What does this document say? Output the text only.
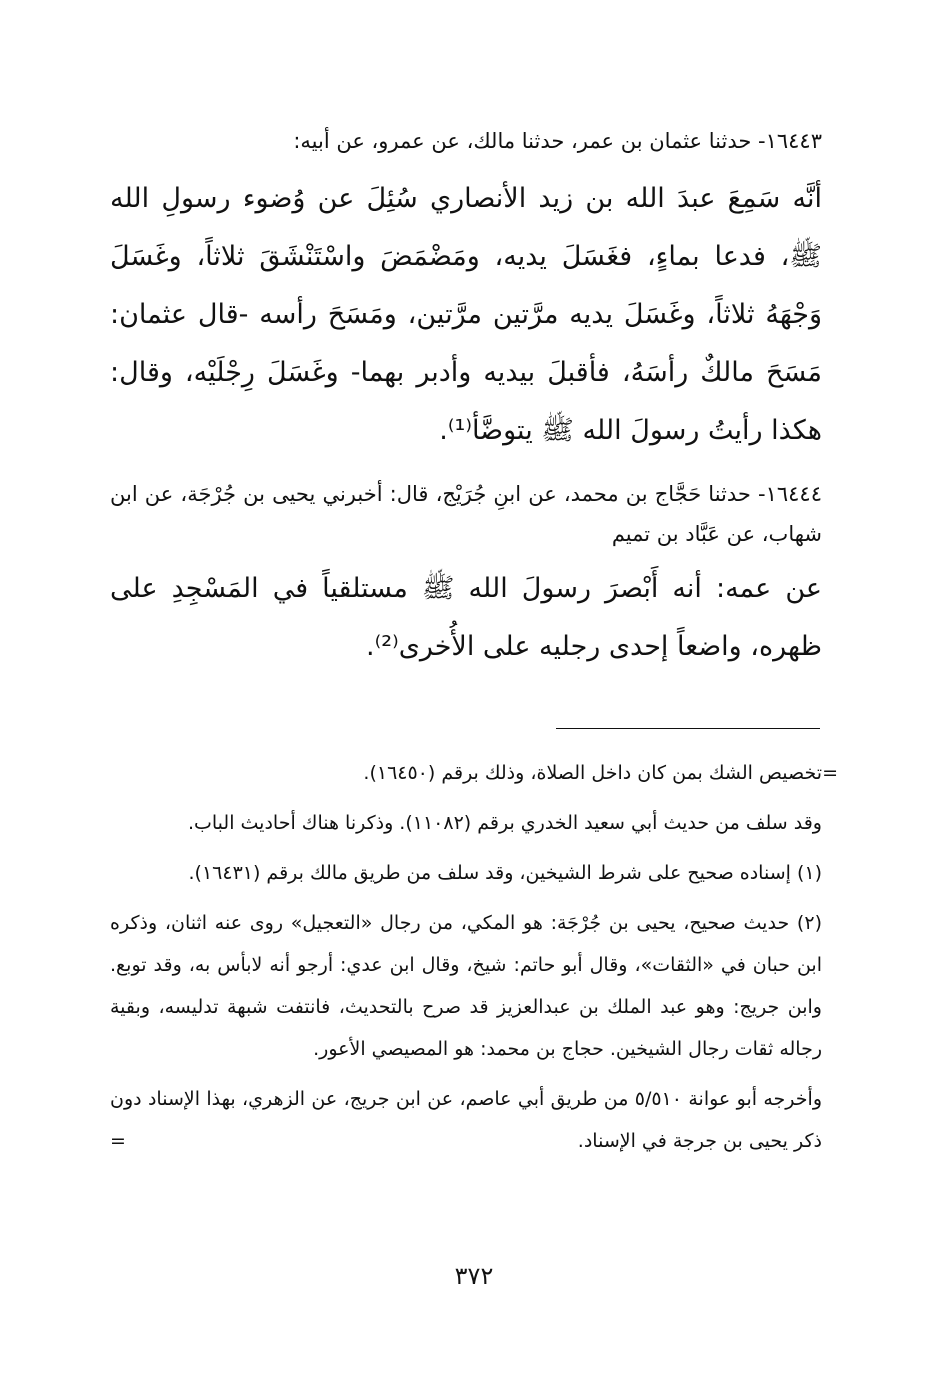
١٦٤٤٣- حدثنا عثمان بن عمر، حدثنا مالك، عن عمرو، عن أبيه:

أنَّه سَمِعَ عبدَ الله بن زيد الأنصاري سُئِلَ عن وُضوء رسولِ الله ﷺ، فدعا بماءٍ، فغَسَلَ يديه، ومَضْمَضَ واسْتَنْشَقَ ثلاثاً، وغَسَلَ وَجْهَهُ ثلاثاً، وغَسَلَ يديه مرَّتين مرَّتين، ومَسَحَ رأسه -قال عثمان: مَسَحَ مالكٌ رأسَهُ، فأقبلَ بيديه وأدبر بهما- وغَسَلَ رِجْلَيْه، وقال: هكذا رأيتُ رسولَ الله ﷺ يتوضَّأ⁽¹⁾.

١٦٤٤٤- حدثنا حَجَّاج بن محمد، عن ابنِ جُرَيْج، قال: أخبرني يحيى بن جُرْجَة، عن ابن شهاب، عن عَبَّاد بن تميم

عن عمه: أنه أَبْصرَ رسولَ الله ﷺ مستلقياً في المَسْجِدِ على ظهره، واضعاً إحدى رجليه على الأُخرى⁽²⁾.

=
تخصيص الشك بمن كان داخل الصلاة، وذلك برقم (١٦٤٥٠).

وقد سلف من حديث أبي سعيد الخدري برقم (١١٠٨٢). وذكرنا هناك أحاديث الباب.

(١) إسناده صحيح على شرط الشيخين، وقد سلف من طريق مالك برقم (١٦٤٣١).

(٢) حديث صحيح، يحيى بن جُرْجَة: هو المكي، من رجال «التعجيل» روى عنه اثنان، وذكره ابن حبان في «الثقات»، وقال أبو حاتم: شيخ، وقال ابن عدي: أرجو أنه لابأس به، وقد توبع. وابن جريج: وهو عبد الملك بن عبدالعزيز قد صرح بالتحديث، فانتفت شبهة تدليسه، وبقية رجاله ثقات رجال الشيخين. حجاج بن محمد: هو المصيصي الأعور.

وأخرجه أبو عوانة ٥/٥١٠ من طريق أبي عاصم، عن ابن جريج، عن الزهري، بهذا الإسناد دون ذكر يحيى بن جرجة في الإسناد.
=

٣٧٢
